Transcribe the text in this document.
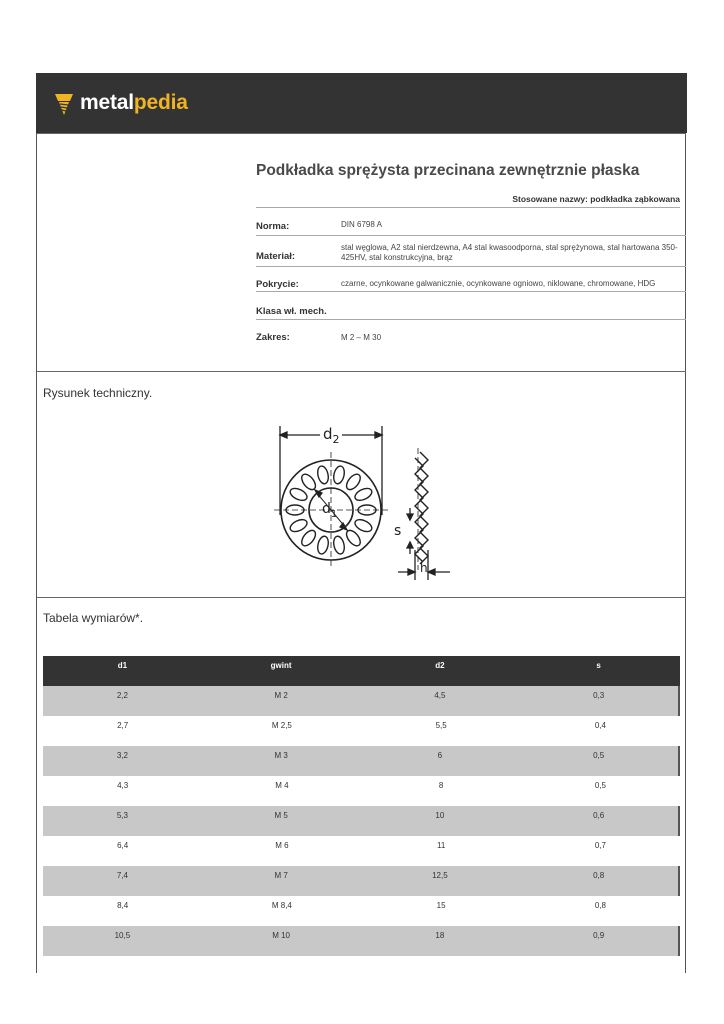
metalpedia
Podkładka sprężysta przecinana zewnętrznie płaska
Stosowane nazwy: podkładka ząbkowana
Norma:	DIN 6798 A
Materiał:
stal węglowa, A2 stal nierdzewna, A4 stal kwasoodporna, stal sprężynowa, stal hartowana 350-425HV, stal konstrukcyjna, brąz
Pokrycie:	czarne, ocynkowane galwanicznie, ocynkowane ogniowo, niklowane, chromowane, HDG
Klasa wł. mech.
Zakres:	M 2 – M 30
Rysunek techniczny.
$d_2$
$d_1$
s
h
Tabela wymiarów*.
d1	gwint	d2	s
2,2	M 2	4,5	0,3
2,7	M 2,5	5,5	0,4
3,2	M 3	6	0,5
4,3	M 4	8	0,5
5,3	M 5	10	0,6
6,4	M 6	11	0,7
7,4	M 7	12,5	0,8
8,4	M 8,4	15	0,8
10,5	M 10	18	0,9
